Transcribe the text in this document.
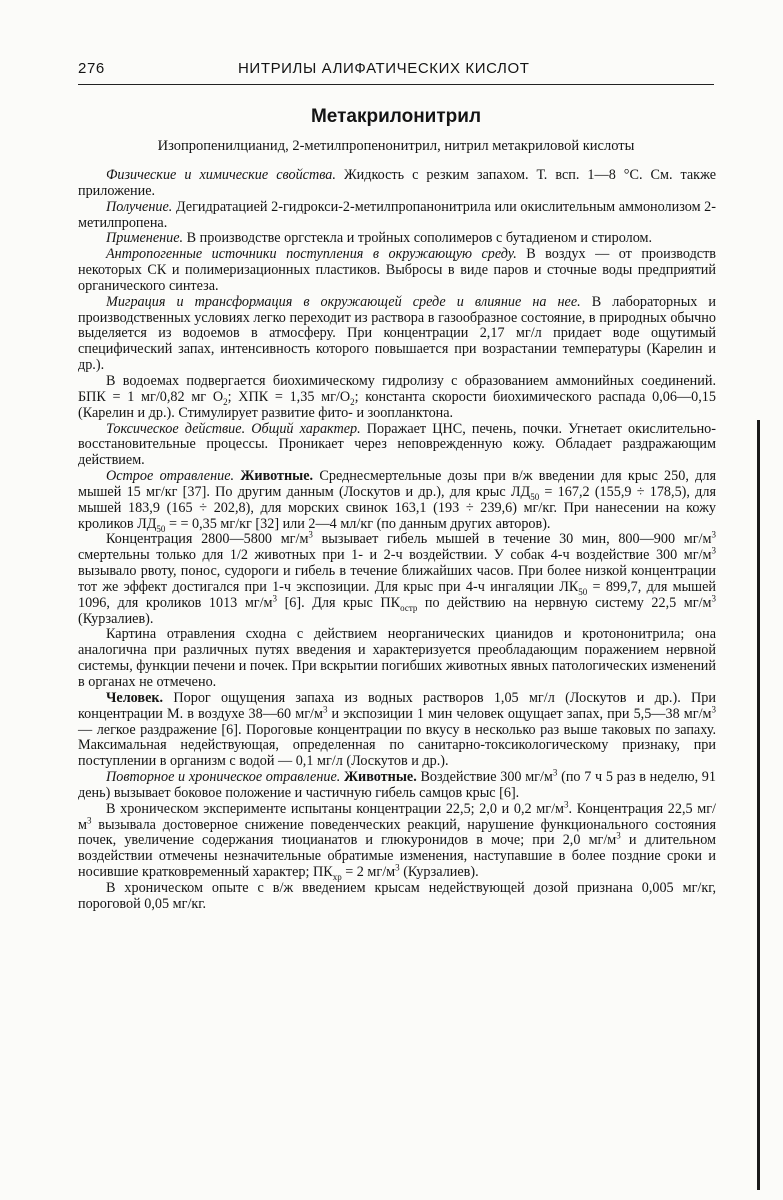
276	НИТРИЛЫ АЛИФАТИЧЕСКИХ КИСЛОТ
Метакрилонитрил
Изопропенилцианид, 2-метилпропенонитрил, нитрил метакриловой кислоты

Физические и химические свойства. Жидкость с резким запахом. Т. всп. 1—8 °С. См. также приложение.

Получение. Дегидратацией 2-гидрокси-2-метилпропанонитрила или окислительным аммонолизом 2-метилпропена.

Применение. В производстве оргстекла и тройных сополимеров с бутадиеном и стиролом.

Антропогенные источники поступления в окружающую среду. В воздух — от производств некоторых СК и полимеризационных пластиков. Выбросы в виде паров и сточные воды предприятий органического синтеза.

Миграция и трансформация в окружающей среде и влияние на нее. В лабораторных и производственных условиях легко переходит из раствора в газообразное состояние, в природных обычно выделяется из водоемов в атмосферу. При концентрации 2,17 мг/л придает воде ощутимый специфический запах, интенсивность которого повышается при возрастании температуры (Карелин и др.).

В водоемах подвергается биохимическому гидролизу с образованием аммонийных соединений. БПК = 1 мг/0,82 мг $О_2$; ХПК = 1,35 $мг/О_2$; константа скорости биохимического распада 0,06—0,15 (Карелин и др.). Стимулирует развитие фито- и зоопланктона.

Токсическое действие. Общий характер. Поражает ЦНС, печень, почки. Угнетает окислительно-восстановительные процессы. Проникает через неповрежденную кожу. Обладает раздражающим действием.

Острое отравление. Животные. Среднесмертельные дозы при в/ж введении для крыс 250, для мышей 15 мг/кг [37]. По другим данным (Лоскутов и др.), для крыс $ЛД_{50} = 167,2$ (155,9 ÷ 178,5), для мышей 183,9 (165 ÷ 202,8), для морских свинок 163,1 (193 ÷ 239,6) мг/кг. При нанесении на кожу кроликов $ЛД_{50}$ = = 0,35 мг/кг [32] или 2—4 мл/кг (по данным других авторов).

Концентрация 2800—5800 $мг/м^3$ вызывает гибель мышей в течение 30 мин, 800—900 $мг/м^3$ смертельны только для 1/2 животных при 1- и 2-ч воздействии. У собак 4-ч воздействие 300 $мг/м^3$ вызывало рвоту, понос, судороги и гибель в течение ближайших часов. При более низкой концентрации тот же эффект достигался при 1-ч экспозиции. Для крыс при 4-ч ингаляции $ЛК_{50} = 899,7$, для мышей 1096, для кроликов 1013 $мг/м^3$ [6]. Для крыс $ПК_{остр}$ по действию на нервную систему 22,5 $мг/м^3$ (Курзалиев).

Картина отравления сходна с действием неорганических цианидов и кротононитрила; она аналогична при различных путях введения и характеризуется преобладающим поражением нервной системы, функции печени и почек. При вскрытии погибших животных явных патологических изменений в органах не отмечено.

Человек. Порог ощущения запаха из водных растворов 1,05 мг/л (Лоскутов и др.). При концентрации М. в воздухе 38—60 $мг/м^3$ и экспозиции 1 мин человек ощущает запах, при 5,5—38 $мг/м^3$ — легкое раздражение [6]. Пороговые концентрации по вкусу в несколько раз выше таковых по запаху. Максимальная недействующая, определенная по санитарно-токсикологическому признаку, при поступлении в организм с водой — 0,1 мг/л (Лоскутов и др.).

Повторное и хроническое отравление. Животные. Воздействие 300 $мг/м^3$ (по 7 ч 5 раз в неделю, 91 день) вызывает боковое положение и частичную гибель самцов крыс [6].

В хроническом эксперименте испытаны концентрации 22,5; 2,0 и 0,2 $мг/м^3$. Концентрация 22,5 $мг/м^3$ вызывала достоверное снижение поведенческих реакций, нарушение функционального состояния почек, увеличение содержания тиоцианатов и глюкуронидов в моче; при 2,0 $мг/м^3$ и длительном воздействии отмечены незначительные обратимые изменения, наступавшие в более поздние сроки и носившие кратковременный характер; $ПК_{хр} = 2$ $мг/м^3$ (Курзалиев).

В хроническом опыте с в/ж введением крысам недействующей дозой признана 0,005 мг/кг, пороговой 0,05 мг/кг.
